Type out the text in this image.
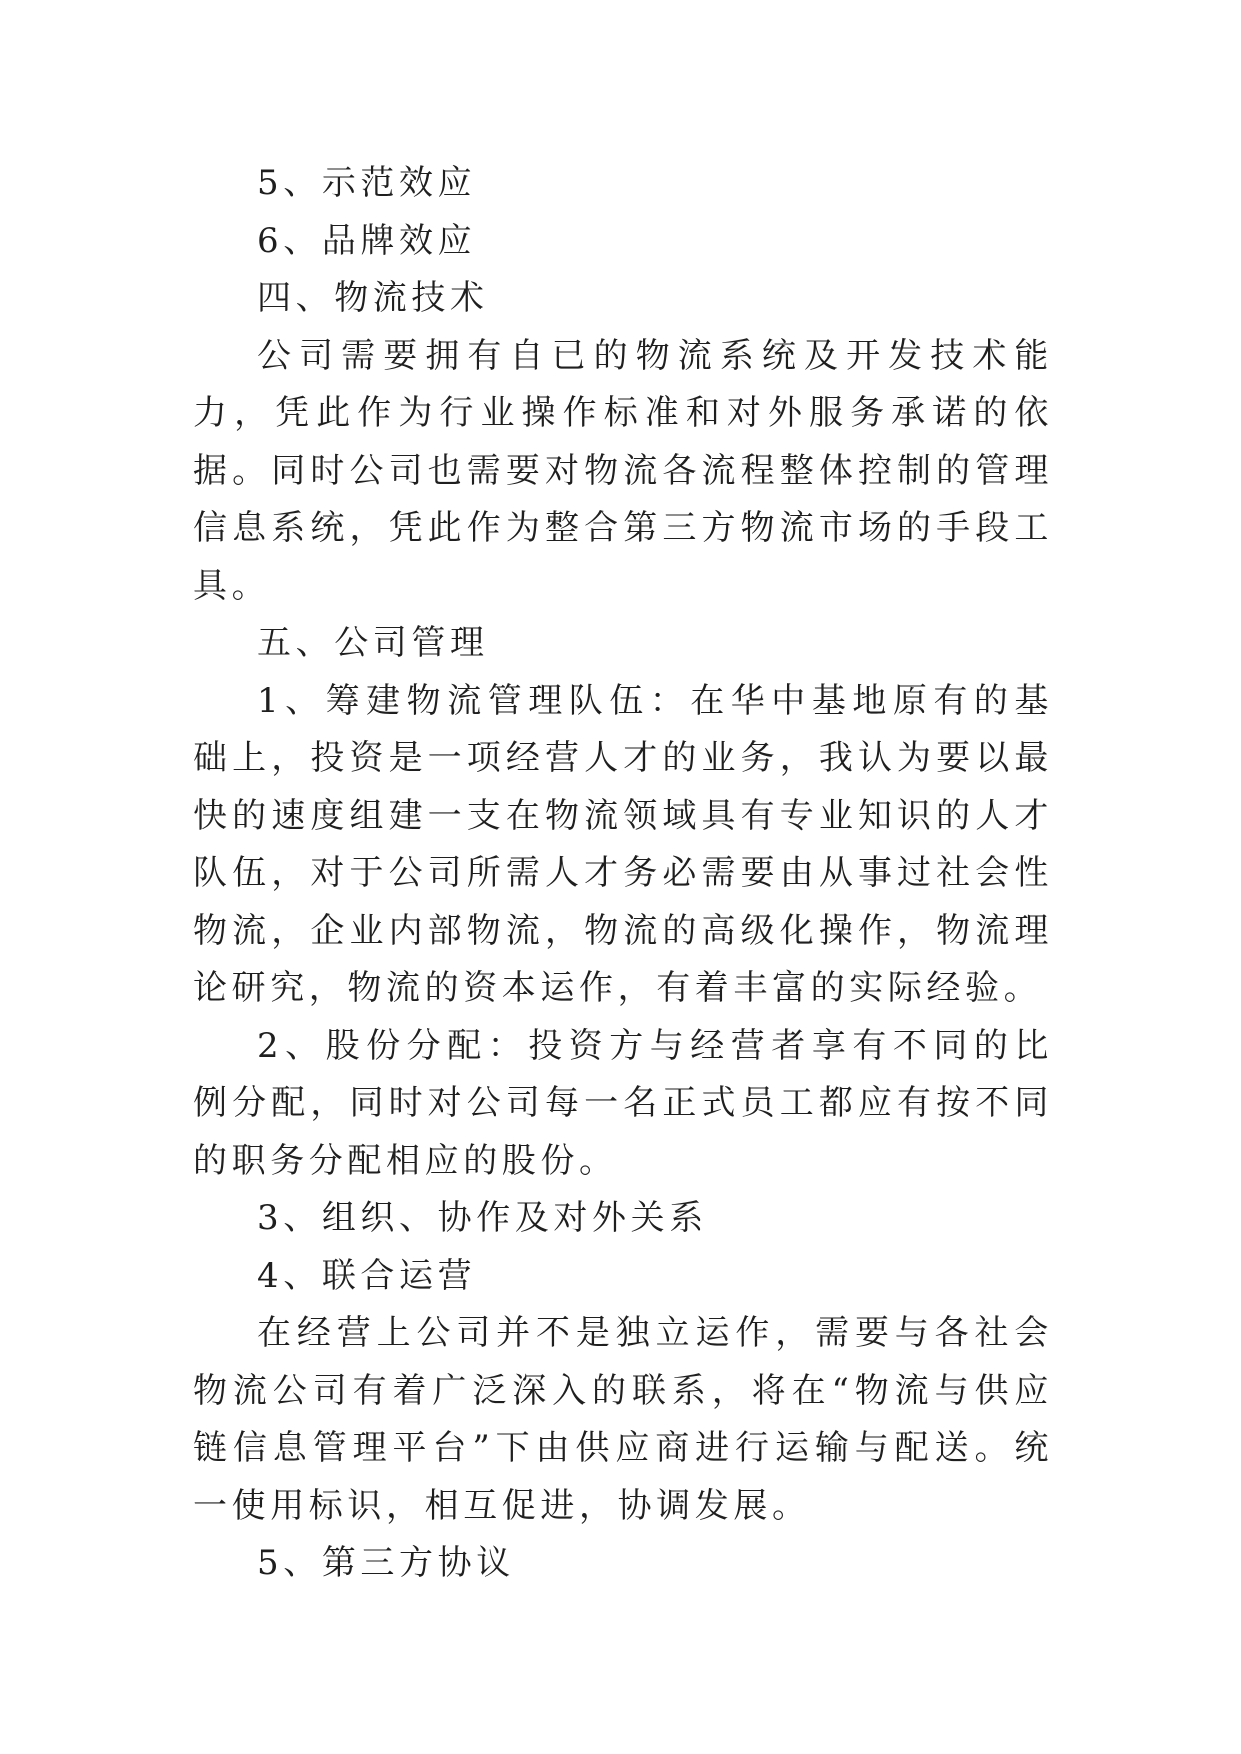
5、示范效应

6、品牌效应

四、物流技术

公司需要拥有自已的物流系统及开发技术能力，凭此作为行业操作标准和对外服务承诺的依据。同时公司也需要对物流各流程整体控制的管理信息系统，凭此作为整合第三方物流市场的手段工具。

五、公司管理

1、筹建物流管理队伍：在华中基地原有的基础上，投资是一项经营人才的业务，我认为要以最快的速度组建一支在物流领域具有专业知识的人才队伍，对于公司所需人才务必需要由从事过社会性物流，企业内部物流，物流的高级化操作，物流理论研究，物流的资本运作，有着丰富的实际经验。

2、股份分配：投资方与经营者享有不同的比例分配，同时对公司每一名正式员工都应有按不同的职务分配相应的股份。

3、组织、协作及对外关系

4、联合运营

在经营上公司并不是独立运作，需要与各社会物流公司有着广泛深入的联系，将在“物流与供应链信息管理平台”下由供应商进行运输与配送。统一使用标识，相互促进，协调发展。

5、第三方协议
